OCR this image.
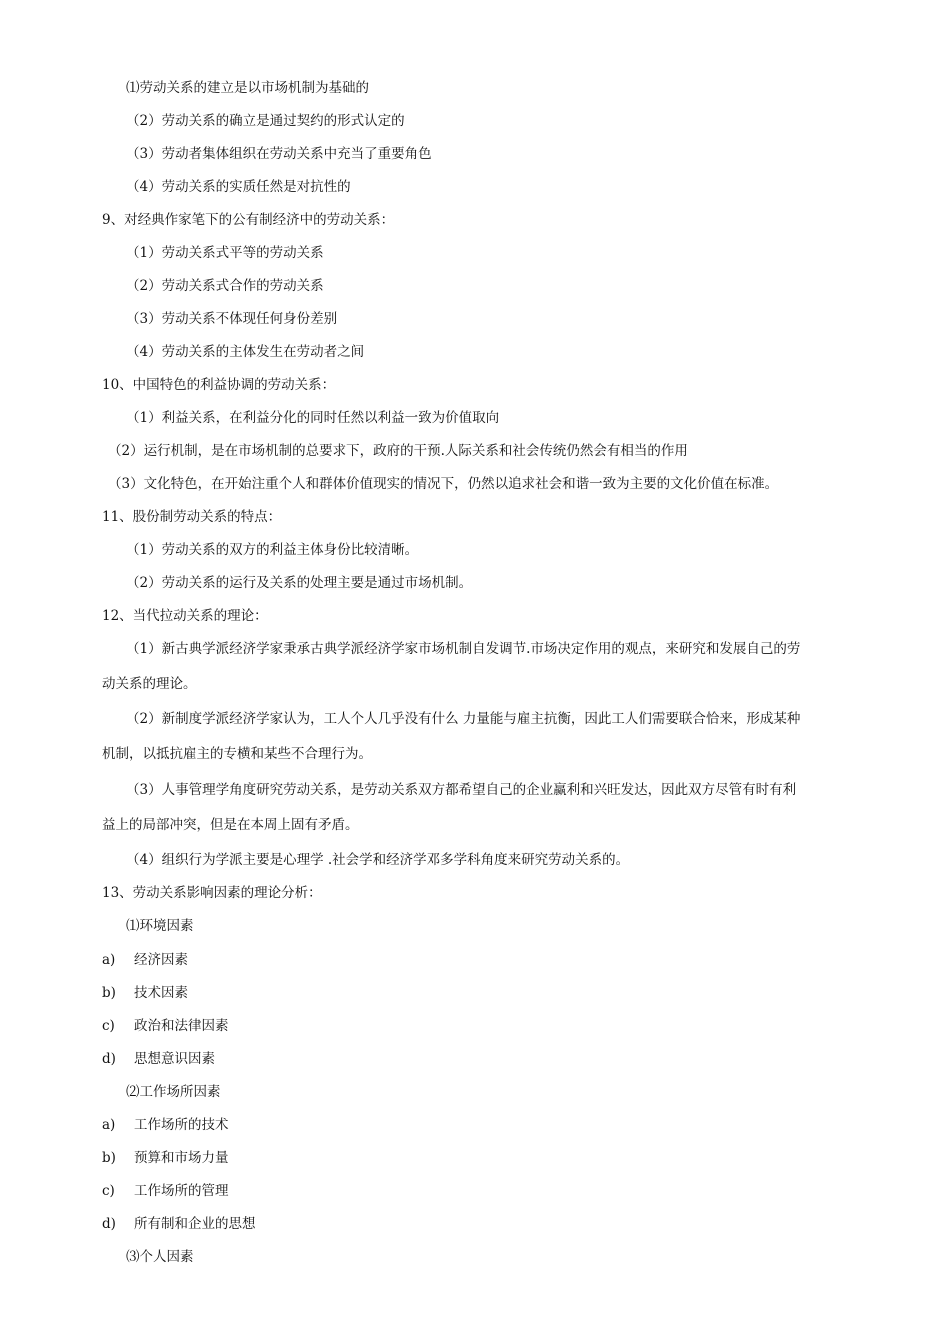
⑴劳动关系的建立是以市场机制为基础的
（2）劳动关系的确立是通过契约的形式认定的
（3）劳动者集体组织在劳动关系中充当了重要角色
（4）劳动关系的实质任然是对抗性的
9、对经典作家笔下的公有制经济中的劳动关系：
（1）劳动关系式平等的劳动关系
（2）劳动关系式合作的劳动关系
（3）劳动关系不体现任何身份差别
（4）劳动关系的主体发生在劳动者之间
10、中国特色的利益协调的劳动关系：
（1）利益关系，在利益分化的同时任然以利益一致为价值取向
（2）运行机制，是在市场机制的总要求下，政府的干预.人际关系和社会传统仍然会有相当的作用
（3）文化特色，在开始注重个人和群体价值现实的情况下，仍然以追求社会和谐一致为主要的文化价值在标准。
11、股份制劳动关系的特点：
（1）劳动关系的双方的利益主体身份比较清晰。
（2）劳动关系的运行及关系的处理主要是通过市场机制。
12、当代拉动关系的理论：
（1）新古典学派经济学家秉承古典学派经济学家市场机制自发调节.市场决定作用的观点，来研究和发展自己的劳
动关系的理论。
（2）新制度学派经济学家认为，工人个人几乎没有什么 力量能与雇主抗衡，因此工人们需要联合恰来，形成某种
机制，以抵抗雇主的专横和某些不合理行为。
（3）人事管理学角度研究劳动关系，是劳动关系双方都希望自己的企业赢利和兴旺发达，因此双方尽管有时有利
益上的局部冲突，但是在本周上固有矛盾。
（4）组织行为学派主要是心理学 .社会学和经济学邓多学科角度来研究劳动关系的。
13、劳动关系影响因素的理论分析：
⑴环境因素
a) 经济因素
b) 技术因素
c) 政治和法律因素
d) 思想意识因素
⑵工作场所因素
a) 工作场所的技术
b) 预算和市场力量
c) 工作场所的管理
d) 所有制和企业的思想
⑶个人因素
